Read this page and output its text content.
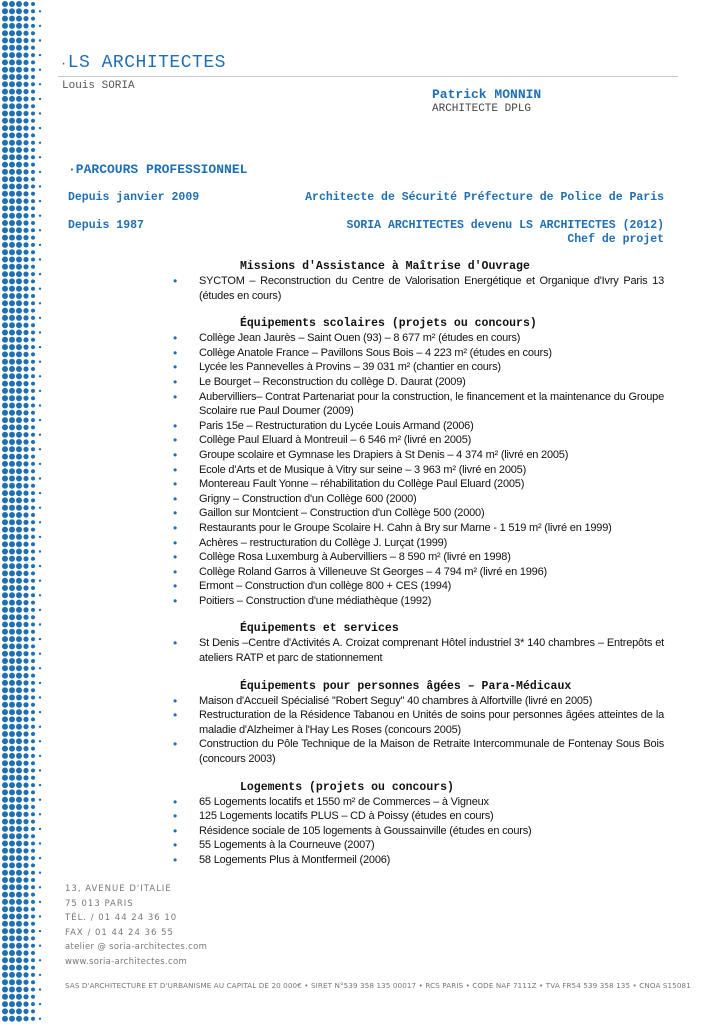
·LS ARCHITECTES
Louis SORIA
Patrick MONNIN
ARCHITECTE DPLG
·PARCOURS PROFESSIONNEL
Depuis janvier 2009	Architecte de Sécurité Préfecture de Police de Paris
Depuis 1987	SORIA ARCHITECTES devenu LS ARCHITECTES (2012)
Chef de projet
Missions d'Assistance à Maîtrise d'Ouvrage
• SYCTOM – Reconstruction du Centre de Valorisation Energétique et Organique d'Ivry Paris 13 (études en cours)
Équipements scolaires (projets ou concours)
• Collège Jean Jaurès – Saint Ouen (93) – 8 677 m² (études en cours)
• Collège Anatole France – Pavillons Sous Bois – 4 223 m² (études en cours)
• Lycée les Pannevelles à Provins – 39 031 m² (chantier en cours)
• Le Bourget – Reconstruction du collège D. Daurat (2009)
• Aubervilliers– Contrat Partenariat pour la construction, le financement et la maintenance du Groupe Scolaire rue Paul Doumer (2009)
• Paris 15e – Restructuration du Lycée Louis Armand (2006)
• Collège Paul Eluard à Montreuil – 6 546 m² (livré en 2005)
• Groupe scolaire et Gymnase les Drapiers à St Denis – 4 374 m² (livré en 2005)
• Ecole d'Arts et de Musique à Vitry sur seine – 3 963 m² (livré en 2005)
• Montereau Fault Yonne – réhabilitation du Collège Paul Eluard (2005)
• Grigny – Construction d'un Collège 600 (2000)
• Gaillon sur Montcient – Construction d'un Collège 500 (2000)
• Restaurants pour le Groupe Scolaire H. Cahn à Bry sur Marne - 1 519 m² (livré en 1999)
• Achères – restructuration du Collège J. Lurçat (1999)
• Collège Rosa Luxemburg à Aubervilliers – 8 590 m² (livré en 1998)
• Collège Roland Garros à Villeneuve St Georges – 4 794 m² (livré en 1996)
• Ermont – Construction d'un collège 800 + CES (1994)
• Poitiers – Construction d'une médiathèque (1992)
Équipements et services
• St Denis –Centre d'Activités A. Croizat comprenant Hôtel industriel 3* 140 chambres – Entrepôts et ateliers RATP et parc de stationnement
Équipements pour personnes âgées – Para-Médicaux
• Maison d'Accueil Spécialisé ''Robert Seguy'' 40 chambres à Alfortville (livré en 2005)
• Restructuration de la Résidence Tabanou en Unités de soins pour personnes âgées atteintes de la maladie d'Alzheimer à l'Hay Les Roses (concours 2005)
• Construction du Pôle Technique de la Maison de Retraite Intercommunale de Fontenay Sous Bois (concours 2003)
Logements (projets ou concours)
• 65 Logements locatifs et 1550 m² de Commerces – à Vigneux
• 125 Logements locatifs PLUS – CD à Poissy (études en cours)
• Résidence sociale de 105 logements à Goussainville (études en cours)
• 55 Logements à la Courneuve (2007)
• 58 Logements Plus à Montfermeil (2006)
13, AVENUE D'ITALIE
75 013 PARIS
TÉL. / 01 44 24 36 10
FAX / 01 44 24 36 55
atelier @ soria-architectes.com
www.soria-architectes.com
SAS D'ARCHITECTURE ET D'URBANISME AU CAPITAL DE 20 000€ • SIRET N°539 358 135 00017 • RCS PARIS • CODE NAF 7111Z • TVA FR54 539 358 135 • CNOA S15081
